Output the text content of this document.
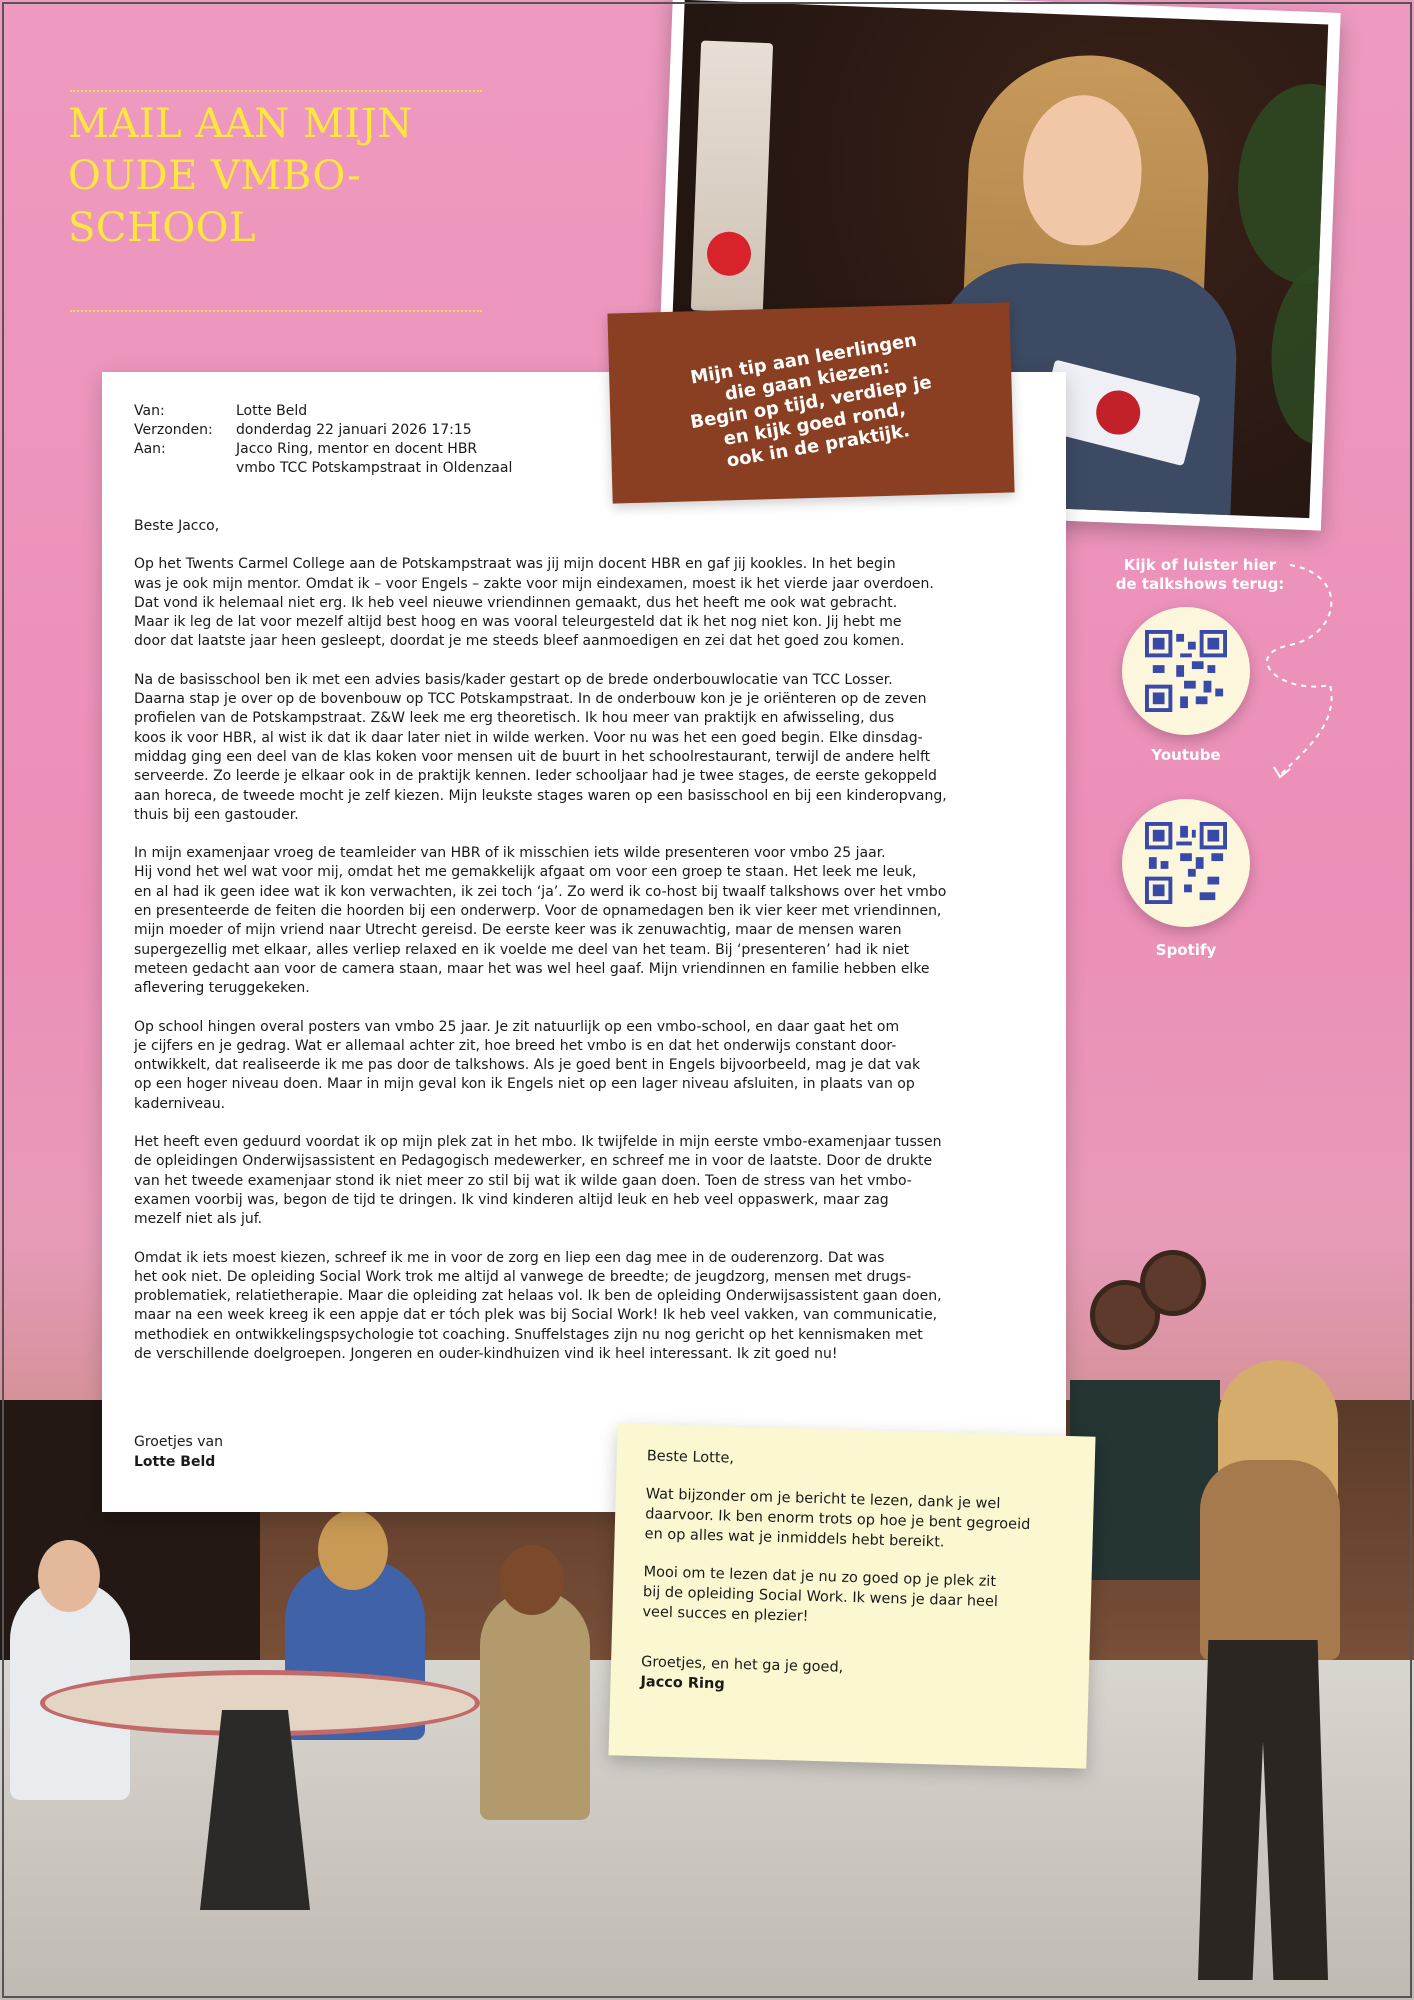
MAIL AAN MIJN OUDE VMBO-SCHOOL

Mijn tip aan leerlingen
die gaan kiezen:
Begin op tijd, verdiep je
en kijk goed rond,
ook in de praktijk.

Kijk of luister hier
de talkshows terug:
Youtube
Spotify
Van:	Lotte Beld
Verzonden:	donderdag 22 januari 2026 17:15
Aan:	Jacco Ring, mentor en docent HBR
vmbo TCC Potskampstraat in Oldenzaal

Beste Jacco,

Op het Twents Carmel College aan de Potskampstraat was jij mijn docent HBR en gaf jij kookles. In het begin
was je ook mijn mentor. Omdat ik – voor Engels – zakte voor mijn eindexamen, moest ik het vierde jaar overdoen.
Dat vond ik helemaal niet erg. Ik heb veel nieuwe vriendinnen gemaakt, dus het heeft me ook wat gebracht.
Maar ik leg de lat voor mezelf altijd best hoog en was vooral teleurgesteld dat ik het nog niet kon. Jij hebt me
door dat laatste jaar heen gesleept, doordat je me steeds bleef aanmoedigen en zei dat het goed zou komen.

Na de basisschool ben ik met een advies basis/kader gestart op de brede onderbouwlocatie van TCC Losser.
Daarna stap je over op de bovenbouw op TCC Potskampstraat. In de onderbouw kon je je oriënteren op de zeven
profielen van de Potskampstraat. Z&W leek me erg theoretisch. Ik hou meer van praktijk en afwisseling, dus
koos ik voor HBR, al wist ik dat ik daar later niet in wilde werken. Voor nu was het een goed begin. Elke dinsdag-
middag ging een deel van de klas koken voor mensen uit de buurt in het schoolrestaurant, terwijl de andere helft
serveerde. Zo leerde je elkaar ook in de praktijk kennen. Ieder schooljaar had je twee stages, de eerste gekoppeld
aan horeca, de tweede mocht je zelf kiezen. Mijn leukste stages waren op een basisschool en bij een kinderopvang,
thuis bij een gastouder.

In mijn examenjaar vroeg de teamleider van HBR of ik misschien iets wilde presenteren voor vmbo 25 jaar.
Hij vond het wel wat voor mij, omdat het me gemakkelijk afgaat om voor een groep te staan. Het leek me leuk,
en al had ik geen idee wat ik kon verwachten, ik zei toch ‘ja’. Zo werd ik co-host bij twaalf talkshows over het vmbo
en presenteerde de feiten die hoorden bij een onderwerp. Voor de opnamedagen ben ik vier keer met vriendinnen,
mijn moeder of mijn vriend naar Utrecht gereisd. De eerste keer was ik zenuwachtig, maar de mensen waren
supergezellig met elkaar, alles verliep relaxed en ik voelde me deel van het team. Bij ‘presenteren’ had ik niet
meteen gedacht aan voor de camera staan, maar het was wel heel gaaf. Mijn vriendinnen en familie hebben elke
aflevering teruggekeken.

Op school hingen overal posters van vmbo 25 jaar. Je zit natuurlijk op een vmbo-school, en daar gaat het om
je cijfers en je gedrag. Wat er allemaal achter zit, hoe breed het vmbo is en dat het onderwijs constant door-
ontwikkelt, dat realiseerde ik me pas door de talkshows. Als je goed bent in Engels bijvoorbeeld, mag je dat vak
op een hoger niveau doen. Maar in mijn geval kon ik Engels niet op een lager niveau afsluiten, in plaats van op
kaderniveau.

Het heeft even geduurd voordat ik op mijn plek zat in het mbo. Ik twijfelde in mijn eerste vmbo-examenjaar tussen
de opleidingen Onderwijsassistent en Pedagogisch medewerker, en schreef me in voor de laatste. Door de drukte
van het tweede examenjaar stond ik niet meer zo stil bij wat ik wilde gaan doen. Toen de stress van het vmbo-
examen voorbij was, begon de tijd te dringen. Ik vind kinderen altijd leuk en heb veel oppaswerk, maar zag
mezelf niet als juf.

Omdat ik iets moest kiezen, schreef ik me in voor de zorg en liep een dag mee in de ouderenzorg. Dat was
het ook niet. De opleiding Social Work trok me altijd al vanwege de breedte; de jeugdzorg, mensen met drugs-
problematiek, relatietherapie. Maar die opleiding zat helaas vol. Ik ben de opleiding Onderwijsassistent gaan doen,
maar na een week kreeg ik een appje dat er tóch plek was bij Social Work! Ik heb veel vakken, van communicatie,
methodiek en ontwikkelingspsychologie tot coaching. Snuffelstages zijn nu nog gericht op het kennismaken met
de verschillende doelgroepen. Jongeren en ouder-kindhuizen vind ik heel interessant. Ik zit goed nu!

Groetjes van
Lotte Beld	Beste Lotte,

Wat bijzonder om je bericht te lezen, dank je wel
daarvoor. Ik ben enorm trots op hoe je bent gegroeid
en op alles wat je inmiddels hebt bereikt.

Mooi om te lezen dat je nu zo goed op je plek zit
bij de opleiding Social Work. Ik wens je daar heel
veel succes en plezier!

Groetjes, en het ga je goed,
Jacco Ring
